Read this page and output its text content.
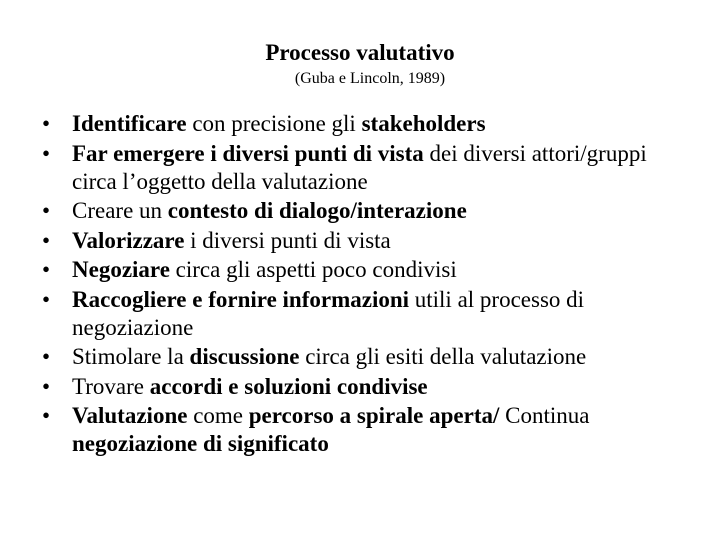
Processo valutativo
(Guba e Lincoln, 1989)
• Identificare con precisione gli stakeholders
• Far emergere i diversi punti di vista dei diversi attori/gruppi circa l’oggetto della valutazione
• Creare un contesto di dialogo/interazione
• Valorizzare i diversi punti di vista
• Negoziare circa gli aspetti poco condivisi
• Raccogliere e fornire informazioni utili al processo di negoziazione
• Stimolare la discussione circa gli esiti della valutazione
• Trovare accordi e soluzioni condivise
• Valutazione come percorso a spirale aperta/ Continua negoziazione di significato
